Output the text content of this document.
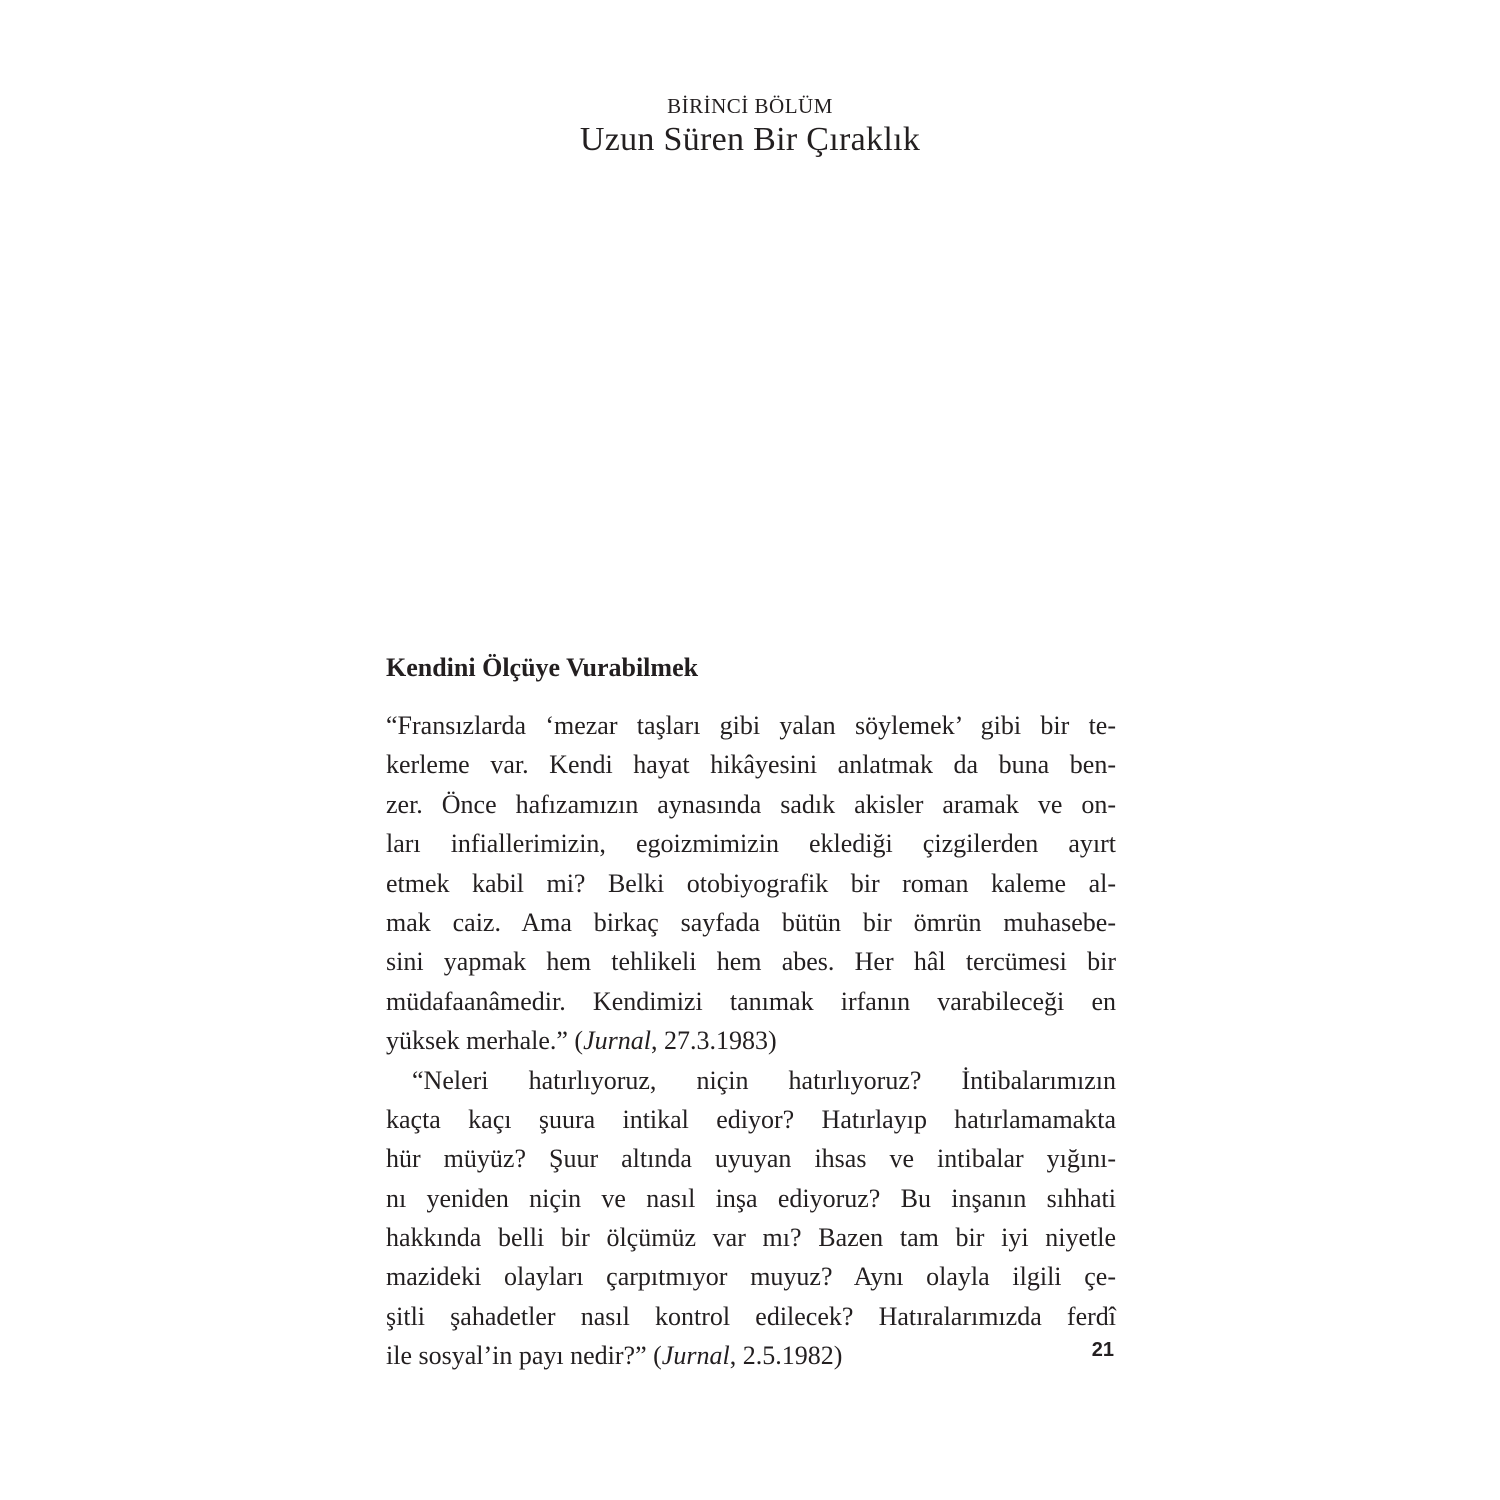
BİRİNCİ BÖLÜM
Uzun Süren Bir Çıraklık
Kendini Ölçüye Vurabilmek
“Fransızlarda ‘mezar taşları gibi yalan söylemek’ gibi bir te-
kerleme var. Kendi hayat hikâyesini anlatmak da buna ben-
zer. Önce hafızamızın aynasında sadık akisler aramak ve on-
ları infiallerimizin, egoizmimizin eklediği çizgilerden ayırt
etmek kabil mi? Belki otobiyografik bir roman kaleme al-
mak caiz. Ama birkaç sayfada bütün bir ömrün muhasebe-
sini yapmak hem tehlikeli hem abes. Her hâl tercümesi bir
müdafaanâmedir. Kendimizi tanımak irfanın varabileceği en
yüksek merhale.” (Jurnal, 27.3.1983)
“Neleri hatırlıyoruz, niçin hatırlıyoruz? İntibalarımızın
kaçta kaçı şuura intikal ediyor? Hatırlayıp hatırlamamakta
hür müyüz? Şuur altında uyuyan ihsas ve intibalar yığını-
nı yeniden niçin ve nasıl inşa ediyoruz? Bu inşanın sıhhati
hakkında belli bir ölçümüz var mı? Bazen tam bir iyi niyetle
mazideki olayları çarpıtmıyor muyuz? Aynı olayla ilgili çe-
şitli şahadetler nasıl kontrol edilecek? Hatıralarımızda ferdî
ile sosyal’in payı nedir?” (Jurnal, 2.5.1982)	21
